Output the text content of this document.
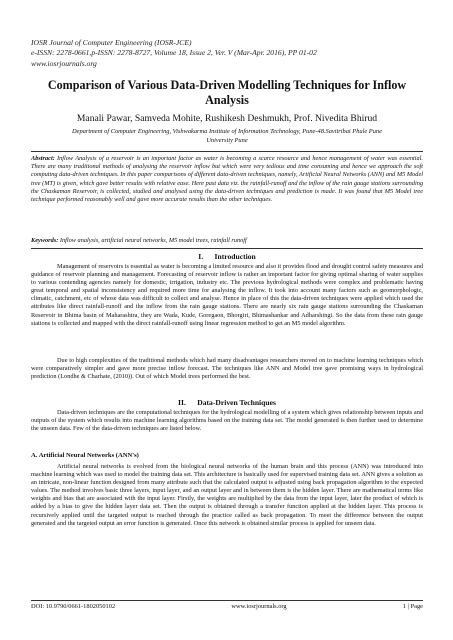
IOSR Journal of Computer Engineering (IOSR-JCE)
e-ISSN: 2278-0661,p-ISSN: 2278-8727, Volume 18, Issue 2, Ver. V (Mar-Apr. 2016), PP 01-02
www.iosrjournals.org
Comparison of Various Data-Driven Modelling Techniques for Inflow Analysis
Manali Pawar, Samveda Mohite, Rushikesh Deshmukh, Prof. Nivedita Bhirud
Department of Computer Engineering, Vishwakarma Institute of Information Technology, Pune-48.Savitribai Phule Pune University Pune
Abstract: Inflow Analysis of a reservoir is an important factor as water is becoming a scarce resource and hence management of water was essential. There are many traditional methods of analysing the reservoir inflow but which were very tedious and time consuming and hence we approach the soft computing data-driven techniques. In this paper comparisons of different data-driven techniques, namely, Artificial Neural Networks (ANN) and M5 Model tree (MT) is given, which gave better results with relative ease. Here past data viz. the rainfall-runoff and the inflow of the rain gauge stations surrounding the Chaskaman Reservoir, is collected, studied and analysed using the data-driven techniques and prediction is made. It was found that M5 Model tree technique performed reasonably well and gave more accurate results than the other techniques.
Keywords: Inflow analysis, artificial neural networks, M5 model trees, rainfall runoff
I.      Introduction
Management of reservoirs is essential as water is becoming a limited resource and also it provides flood and drought control safety measures and guidance of reservoir planning and management. Forecasting of reservoir inflow is rather an important factor for giving optimal sharing of water supplies to various contending agencies namely for domestic, irrigation, industry etc. The previous hydrological methods were complex and problematic having great temporal and spatial inconsistency and required more time for analysing the inflow. It took into account many factors such as geomorphologic, climatic, catchment, etc of whose data was difficult to collect and analyse. Hence in place of this the data-driven techniques were applied which used the attributes like direct rainfall-runoff and the inflow from the rain gauge stations. There are nearly six rain gauge stations surrounding the Chaskaman Reservoir in Bhima basin of Maharashtra, they are Wada, Kude, Goregaon, Bhorgiri, Bhimashankar and Adharshingi. So the data from these rain gauge stations is collected and mapped with the direct rainfall-runoff using linear regression method to get an M5 model algorithm.
Due to high complexities of the traditional methods which had many disadvantages researchers moved on to machine learning techniques which were comparatively simpler and gave more precise inflow forecast. The techniques like ANN and Model tree gave promising ways in hydrological prediction (Londhe & Charhate, (2010)). Out of which Model trees performed the best.
II.      Data-Driven Techniques
Data-driven techniques are the computational techniques for the hydrological modelling of a system which gives relationship between inputs and outputs of the system which results into machine learning algorithms based on the training data set. The model generated is then further used to determine the unseen data. Few of the data-driven techniques are listed below.
A. Artificial Neural Networks (ANN's)
Artificial neural networks is evolved from the biological neural networks of the human brain and this process (ANN) was introduced into machine learning which was used to model the training data set. This architecture is basically used for supervised training data set. ANN gives a solution as an intricate, non-linear function designed from many attribute such that the calculated output is adjusted using back propagation algorithm to the expected values. The method involves basic three layers, input layer, and an output layer and in between them is the hidden layer. There are mathematical terms like weights and bias that are associated with the input layer. Firstly, the weights are multiplied by the data from the input layer, later the product of which is added by a bias to give the hidden layer data set. Then the output is obtained through a transfer function applied at the hidden layer. This process is recursively applied until the targeted output is reached through the practice called as back propagation. To meet the difference between the output generated and the targeted output an error function is generated. Once this network is obtained similar process is applied for unseen data.
DOI: 10.9790/0661-1802050102	www.iosrjournals.org	1 | Page
